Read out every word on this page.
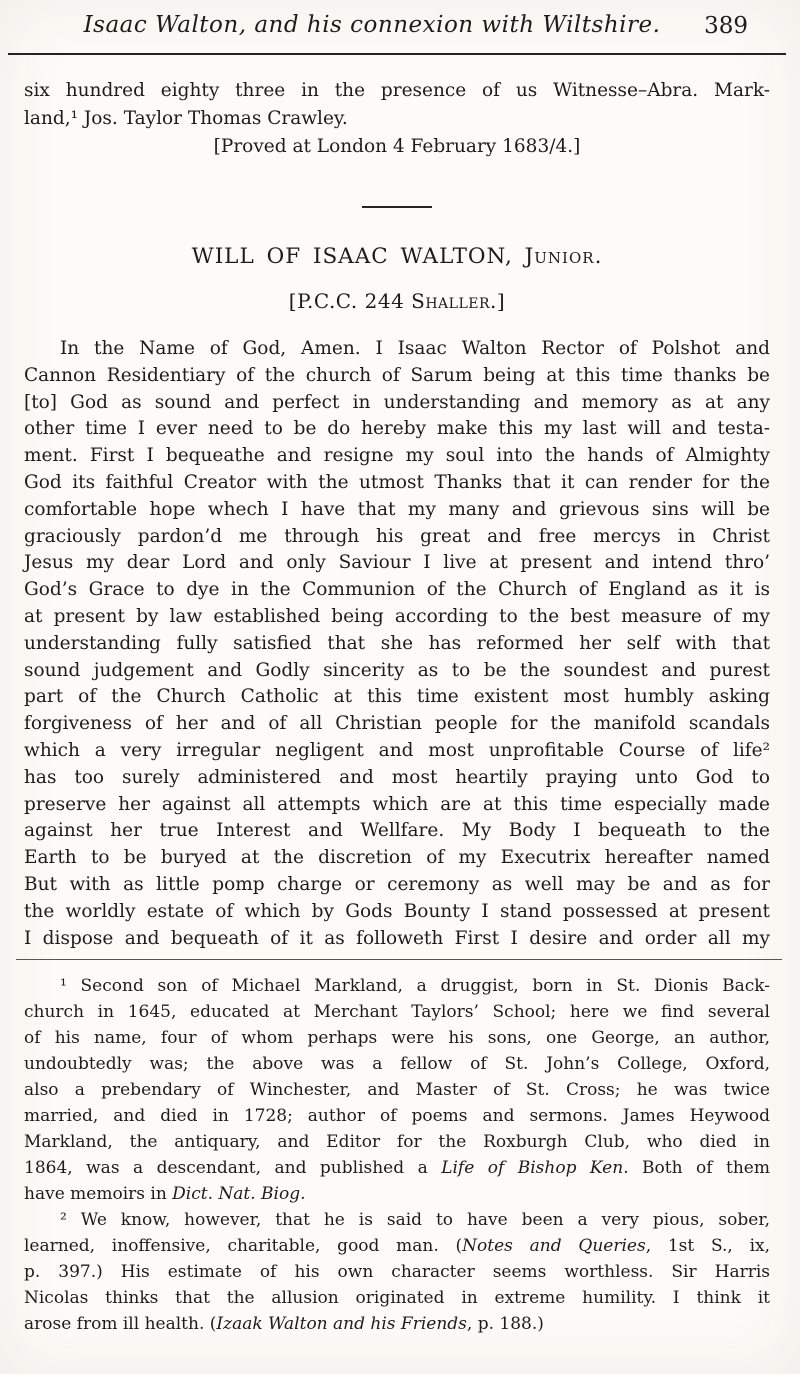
Isaac Walton, and his connexion with Wiltshire.	389
six hundred eighty three in the presence of us Witnesse–Abra. Mark-
land,¹ Jos. Taylor Thomas Crawley.
[Proved at London 4 February 1683/4.]
WILL OF ISAAC WALTON, Junior.
[P.C.C. 244 Shaller.]
In the Name of God, Amen. I Isaac Walton Rector of Polshot and
Cannon Residentiary of the church of Sarum being at this time thanks be
[to] God as sound and perfect in understanding and memory as at any
other time I ever need to be do hereby make this my last will and testa-
ment. First I bequeathe and resigne my soul into the hands of Almighty
God its faithful Creator with the utmost Thanks that it can render for the
comfortable hope whech I have that my many and grievous sins will be
graciously pardon’d me through his great and free mercys in Christ
Jesus my dear Lord and only Saviour I live at present and intend thro’
God’s Grace to dye in the Communion of the Church of England as it is
at present by law established being according to the best measure of my
understanding fully satisfied that she has reformed her self with that
sound judgement and Godly sincerity as to be the soundest and purest
part of the Church Catholic at this time existent most humbly asking
forgiveness of her and of all Christian people for the manifold scandals
which a very irregular negligent and most unprofitable Course of life²
has too surely administered and most heartily praying unto God to
preserve her against all attempts which are at this time especially made
against her true Interest and Wellfare. My Body I bequeath to the
Earth to be buryed at the discretion of my Executrix hereafter named
But with as little pomp charge or ceremony as well may be and as for
the worldly estate of which by Gods Bounty I stand possessed at present
I dispose and bequeath of it as followeth First I desire and order all my
¹ Second son of Michael Markland, a druggist, born in St. Dionis Back-
church in 1645, educated at Merchant Taylors’ School; here we find several
of his name, four of whom perhaps were his sons, one George, an author,
undoubtedly was; the above was a fellow of St. John’s College, Oxford,
also a prebendary of Winchester, and Master of St. Cross; he was twice
married, and died in 1728; author of poems and sermons. James Heywood
Markland, the antiquary, and Editor for the Roxburgh Club, who died in
1864, was a descendant, and published a Life of Bishop Ken. Both of them
have memoirs in Dict. Nat. Biog.
² We know, however, that he is said to have been a very pious, sober,
learned, inoffensive, charitable, good man. (Notes and Queries, 1st S., ix,
p. 397.) His estimate of his own character seems worthless. Sir Harris
Nicolas thinks that the allusion originated in extreme humility. I think it
arose from ill health. (Izaak Walton and his Friends, p. 188.)
